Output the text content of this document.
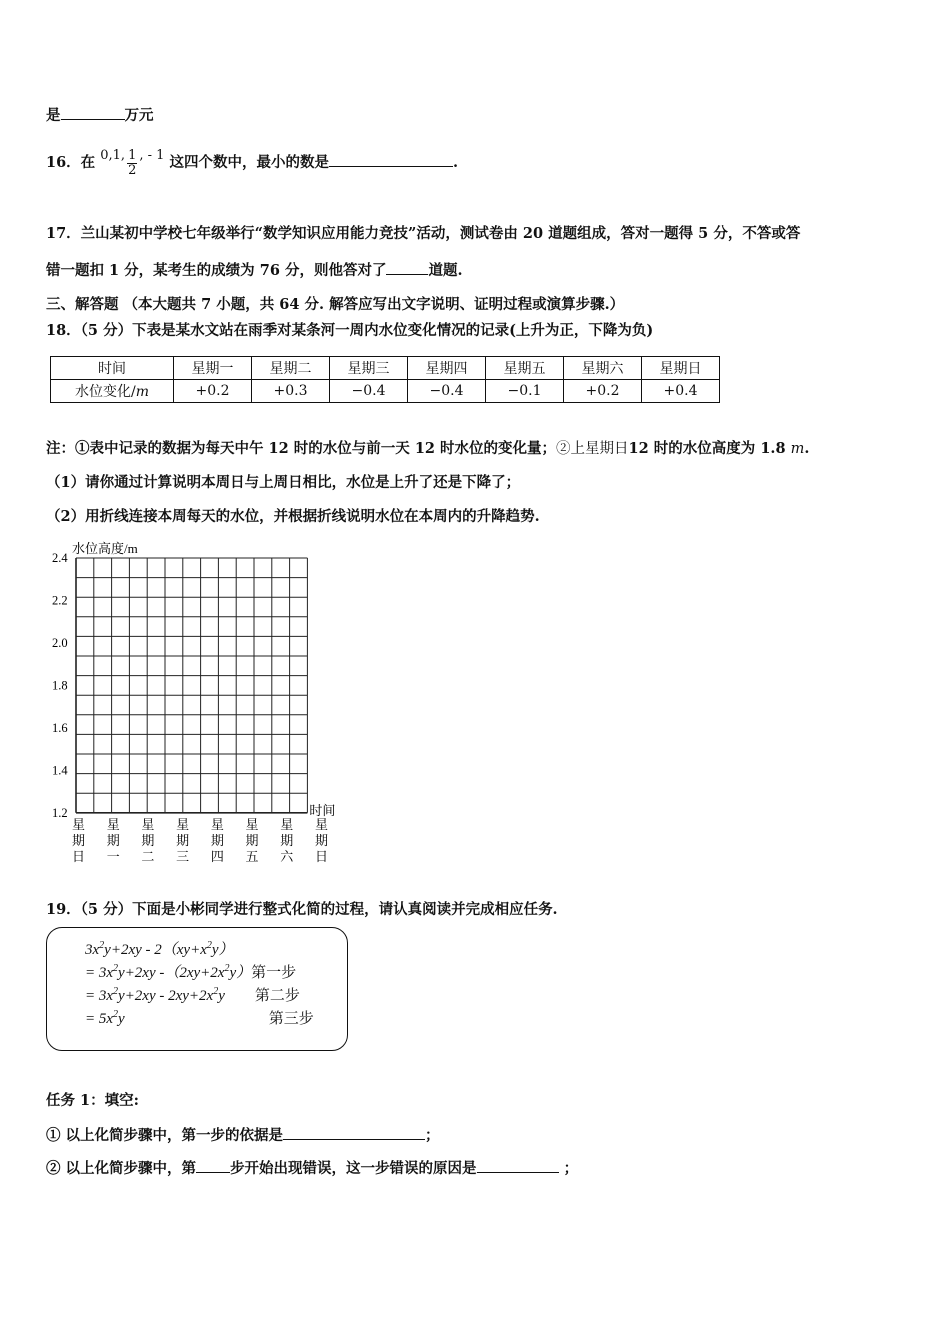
是	万元
16．在 0,1, $\frac{1}{2}$ , - 1 这四个数中，最小的数是	.
17．兰山某初中学校七年级举行“数学知识应用能力竞技”活动，测试卷由 20 道题组成，答对一题得 5 分，不答或答
错一题扣 1 分，某考生的成绩为 76 分，则他答对了	道题.
三、解答题 （本大题共 7 小题，共 64 分. 解答应写出文字说明、证明过程或演算步骤.）
18．（5 分）下表是某水文站在雨季对某条河一周内水位变化情况的记录(上升为正，下降为负)
时间	星期一	星期二	星期三	星期四	星期五	星期六	星期日
水位变化/m	+0.2	+0.3	−0.4	−0.4	−0.1	+0.2	+0.4
注：①表中记录的数据为每天中午 12 时的水位与前一天 12 时水位的变化量；②上星期日12 时的水位高度为 1.8 m.
（1）请你通过计算说明本周日与上周日相比，水位是上升了还是下降了；
（2）用折线连接本周每天的水位，并根据折线说明水位在本周内的升降趋势.
水位高度/m
时间
2.4
2.2
2.0
1.8
1.6
1.4
1.2
星
期
日
星
期
一
星
期
二
星
期
三
星
期
四
星
期
五
星
期
六
星
期
日
19．（5 分）下面是小彬同学进行整式化简的过程，请认真阅读并完成相应任务.
$3x^2y+2xy - 2(xy+x^2y)$
= $3x^2y+2xy$ $-(2xy+2x^2y)$第一步
= $3x^2y+2xy - 2xy+2x^2y$ 第二步
= $5x^2y$	第三步
任务 1：填空:
① 以上化简步骤中，第一步的依据是	；
② 以上化简步骤中，第 步开始出现错误，这一步错误的原因是	；
